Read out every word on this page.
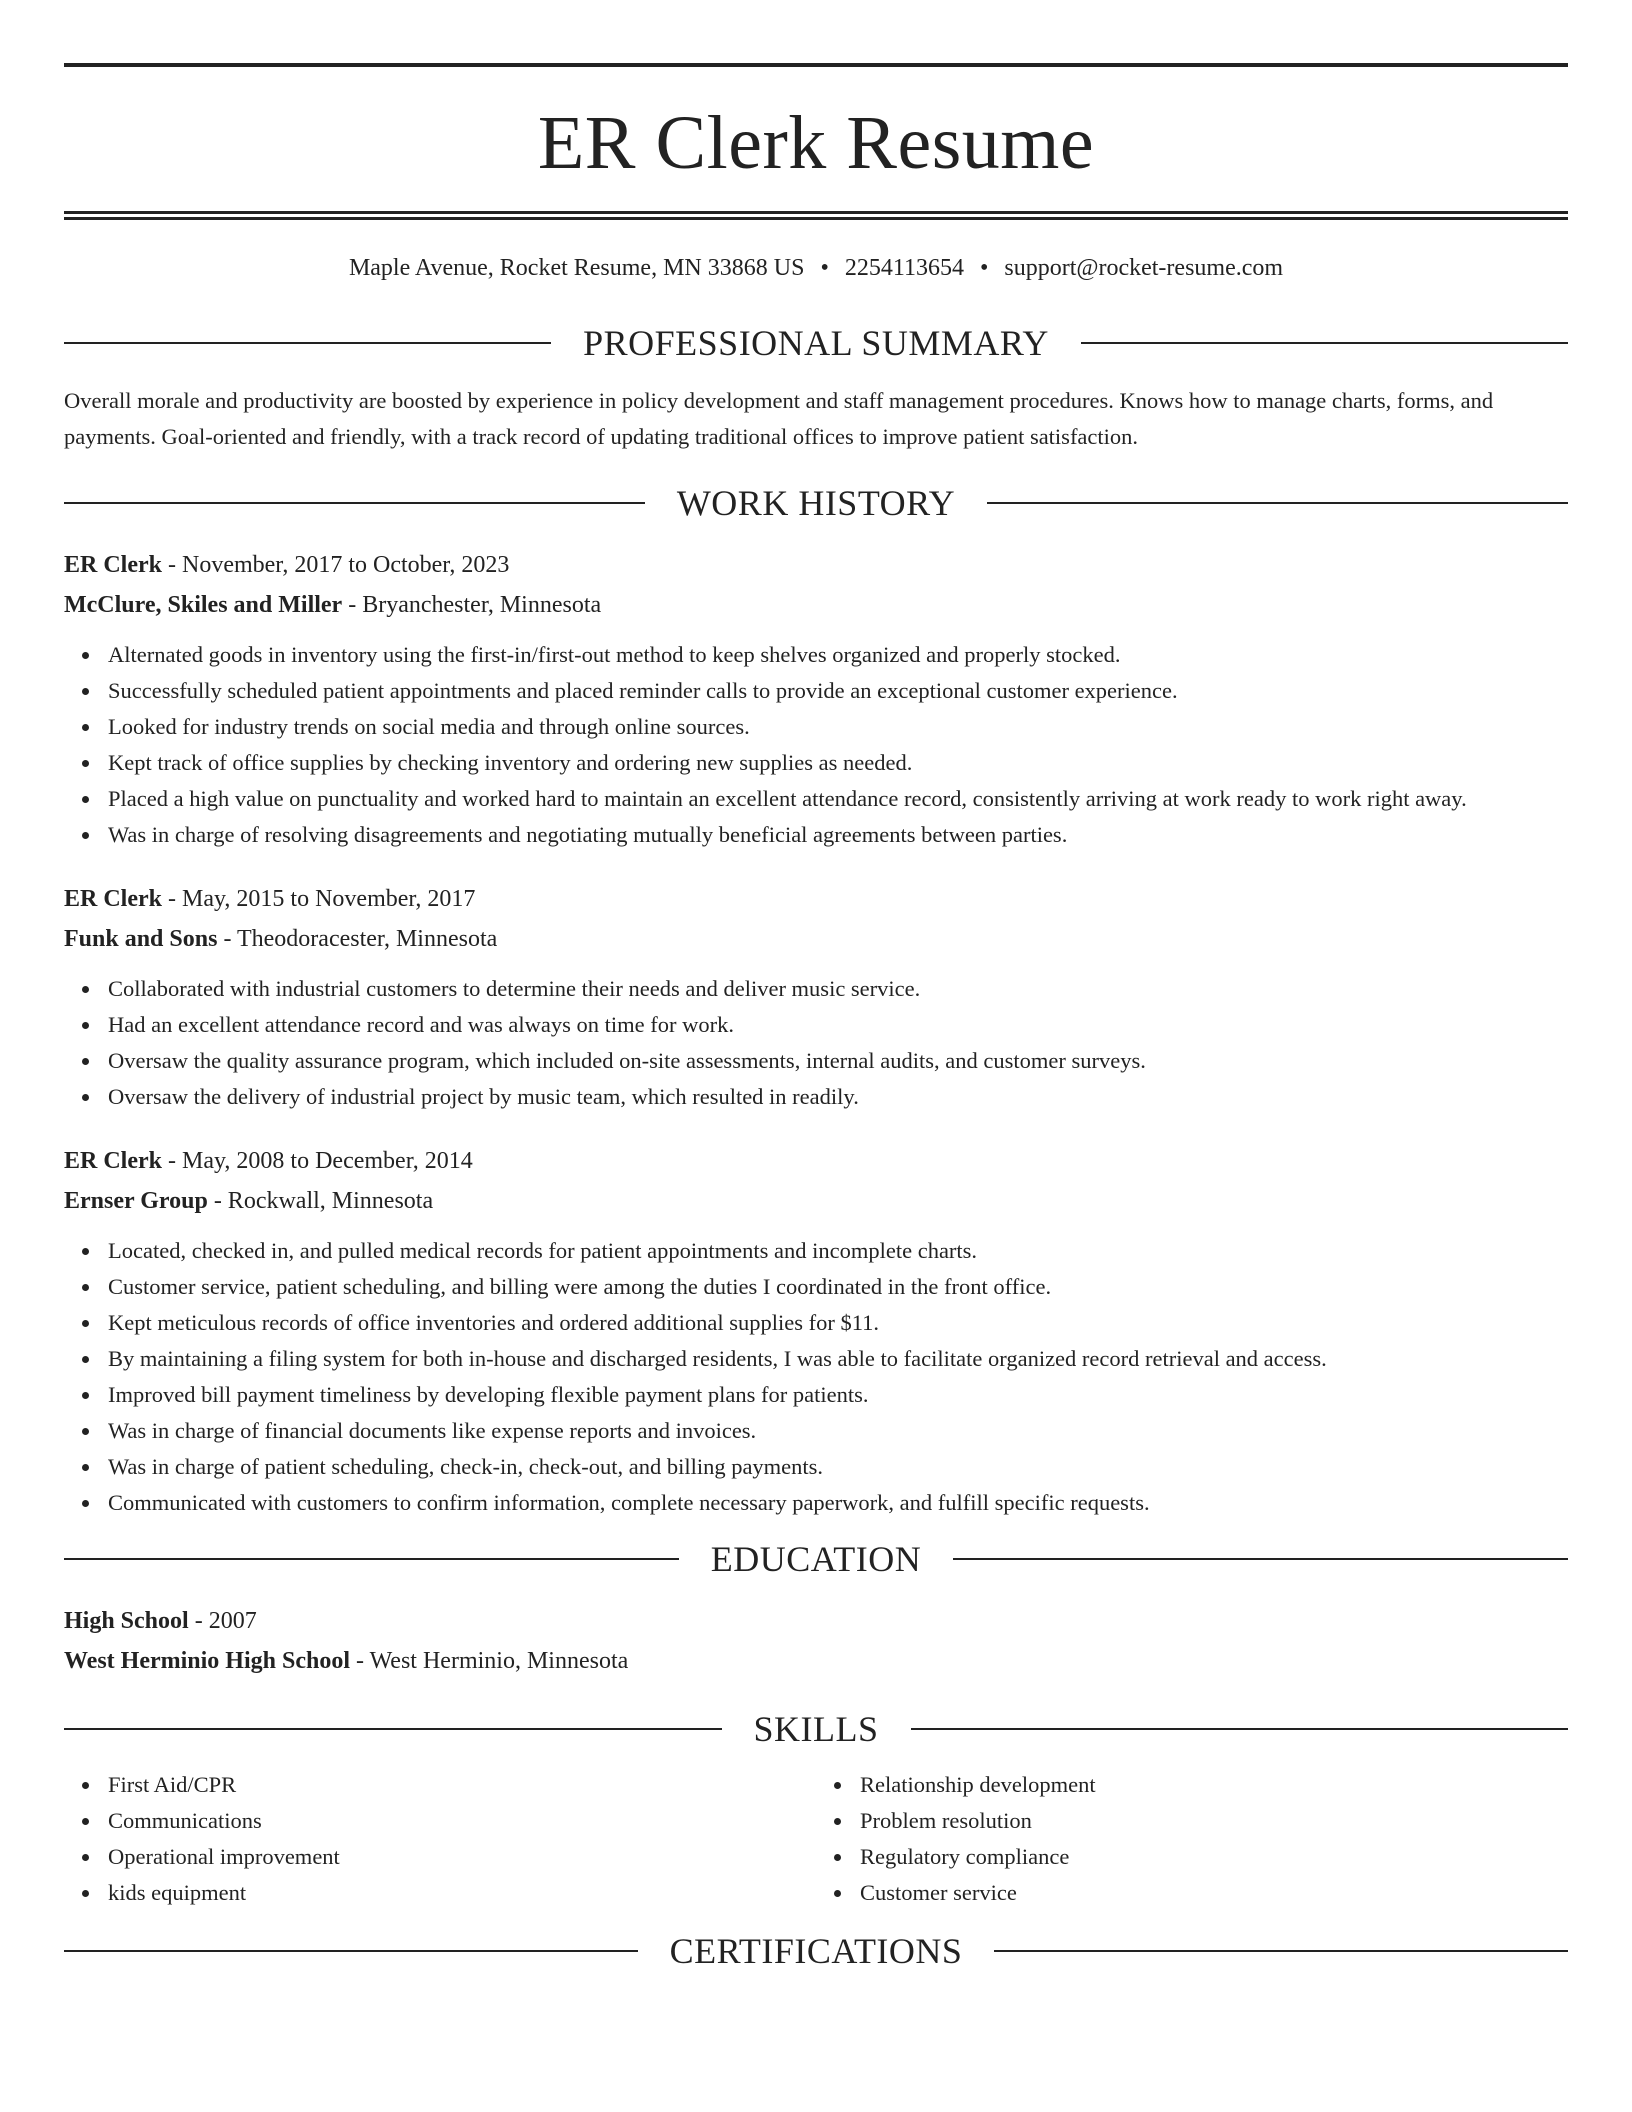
ER Clerk Resume
Maple Avenue, Rocket Resume, MN 33868 US • 2254113654 • support@rocket-resume.com
PROFESSIONAL SUMMARY
Overall morale and productivity are boosted by experience in policy development and staff management procedures. Knows how to manage charts, forms, and payments. Goal-oriented and friendly, with a track record of updating traditional offices to improve patient satisfaction.
WORK HISTORY
ER Clerk - November, 2017 to October, 2023
McClure, Skiles and Miller - Bryanchester, Minnesota
Alternated goods in inventory using the first-in/first-out method to keep shelves organized and properly stocked.
Successfully scheduled patient appointments and placed reminder calls to provide an exceptional customer experience.
Looked for industry trends on social media and through online sources.
Kept track of office supplies by checking inventory and ordering new supplies as needed.
Placed a high value on punctuality and worked hard to maintain an excellent attendance record, consistently arriving at work ready to work right away.
Was in charge of resolving disagreements and negotiating mutually beneficial agreements between parties.
ER Clerk - May, 2015 to November, 2017
Funk and Sons - Theodoracester, Minnesota
Collaborated with industrial customers to determine their needs and deliver music service.
Had an excellent attendance record and was always on time for work.
Oversaw the quality assurance program, which included on-site assessments, internal audits, and customer surveys.
Oversaw the delivery of industrial project by music team, which resulted in readily.
ER Clerk - May, 2008 to December, 2014
Ernser Group - Rockwall, Minnesota
Located, checked in, and pulled medical records for patient appointments and incomplete charts.
Customer service, patient scheduling, and billing were among the duties I coordinated in the front office.
Kept meticulous records of office inventories and ordered additional supplies for $11.
By maintaining a filing system for both in-house and discharged residents, I was able to facilitate organized record retrieval and access.
Improved bill payment timeliness by developing flexible payment plans for patients.
Was in charge of financial documents like expense reports and invoices.
Was in charge of patient scheduling, check-in, check-out, and billing payments.
Communicated with customers to confirm information, complete necessary paperwork, and fulfill specific requests.
EDUCATION
High School - 2007
West Herminio High School - West Herminio, Minnesota
SKILLS
First Aid/CPR
Communications
Operational improvement
kids equipment
Relationship development
Problem resolution
Regulatory compliance
Customer service
CERTIFICATIONS
